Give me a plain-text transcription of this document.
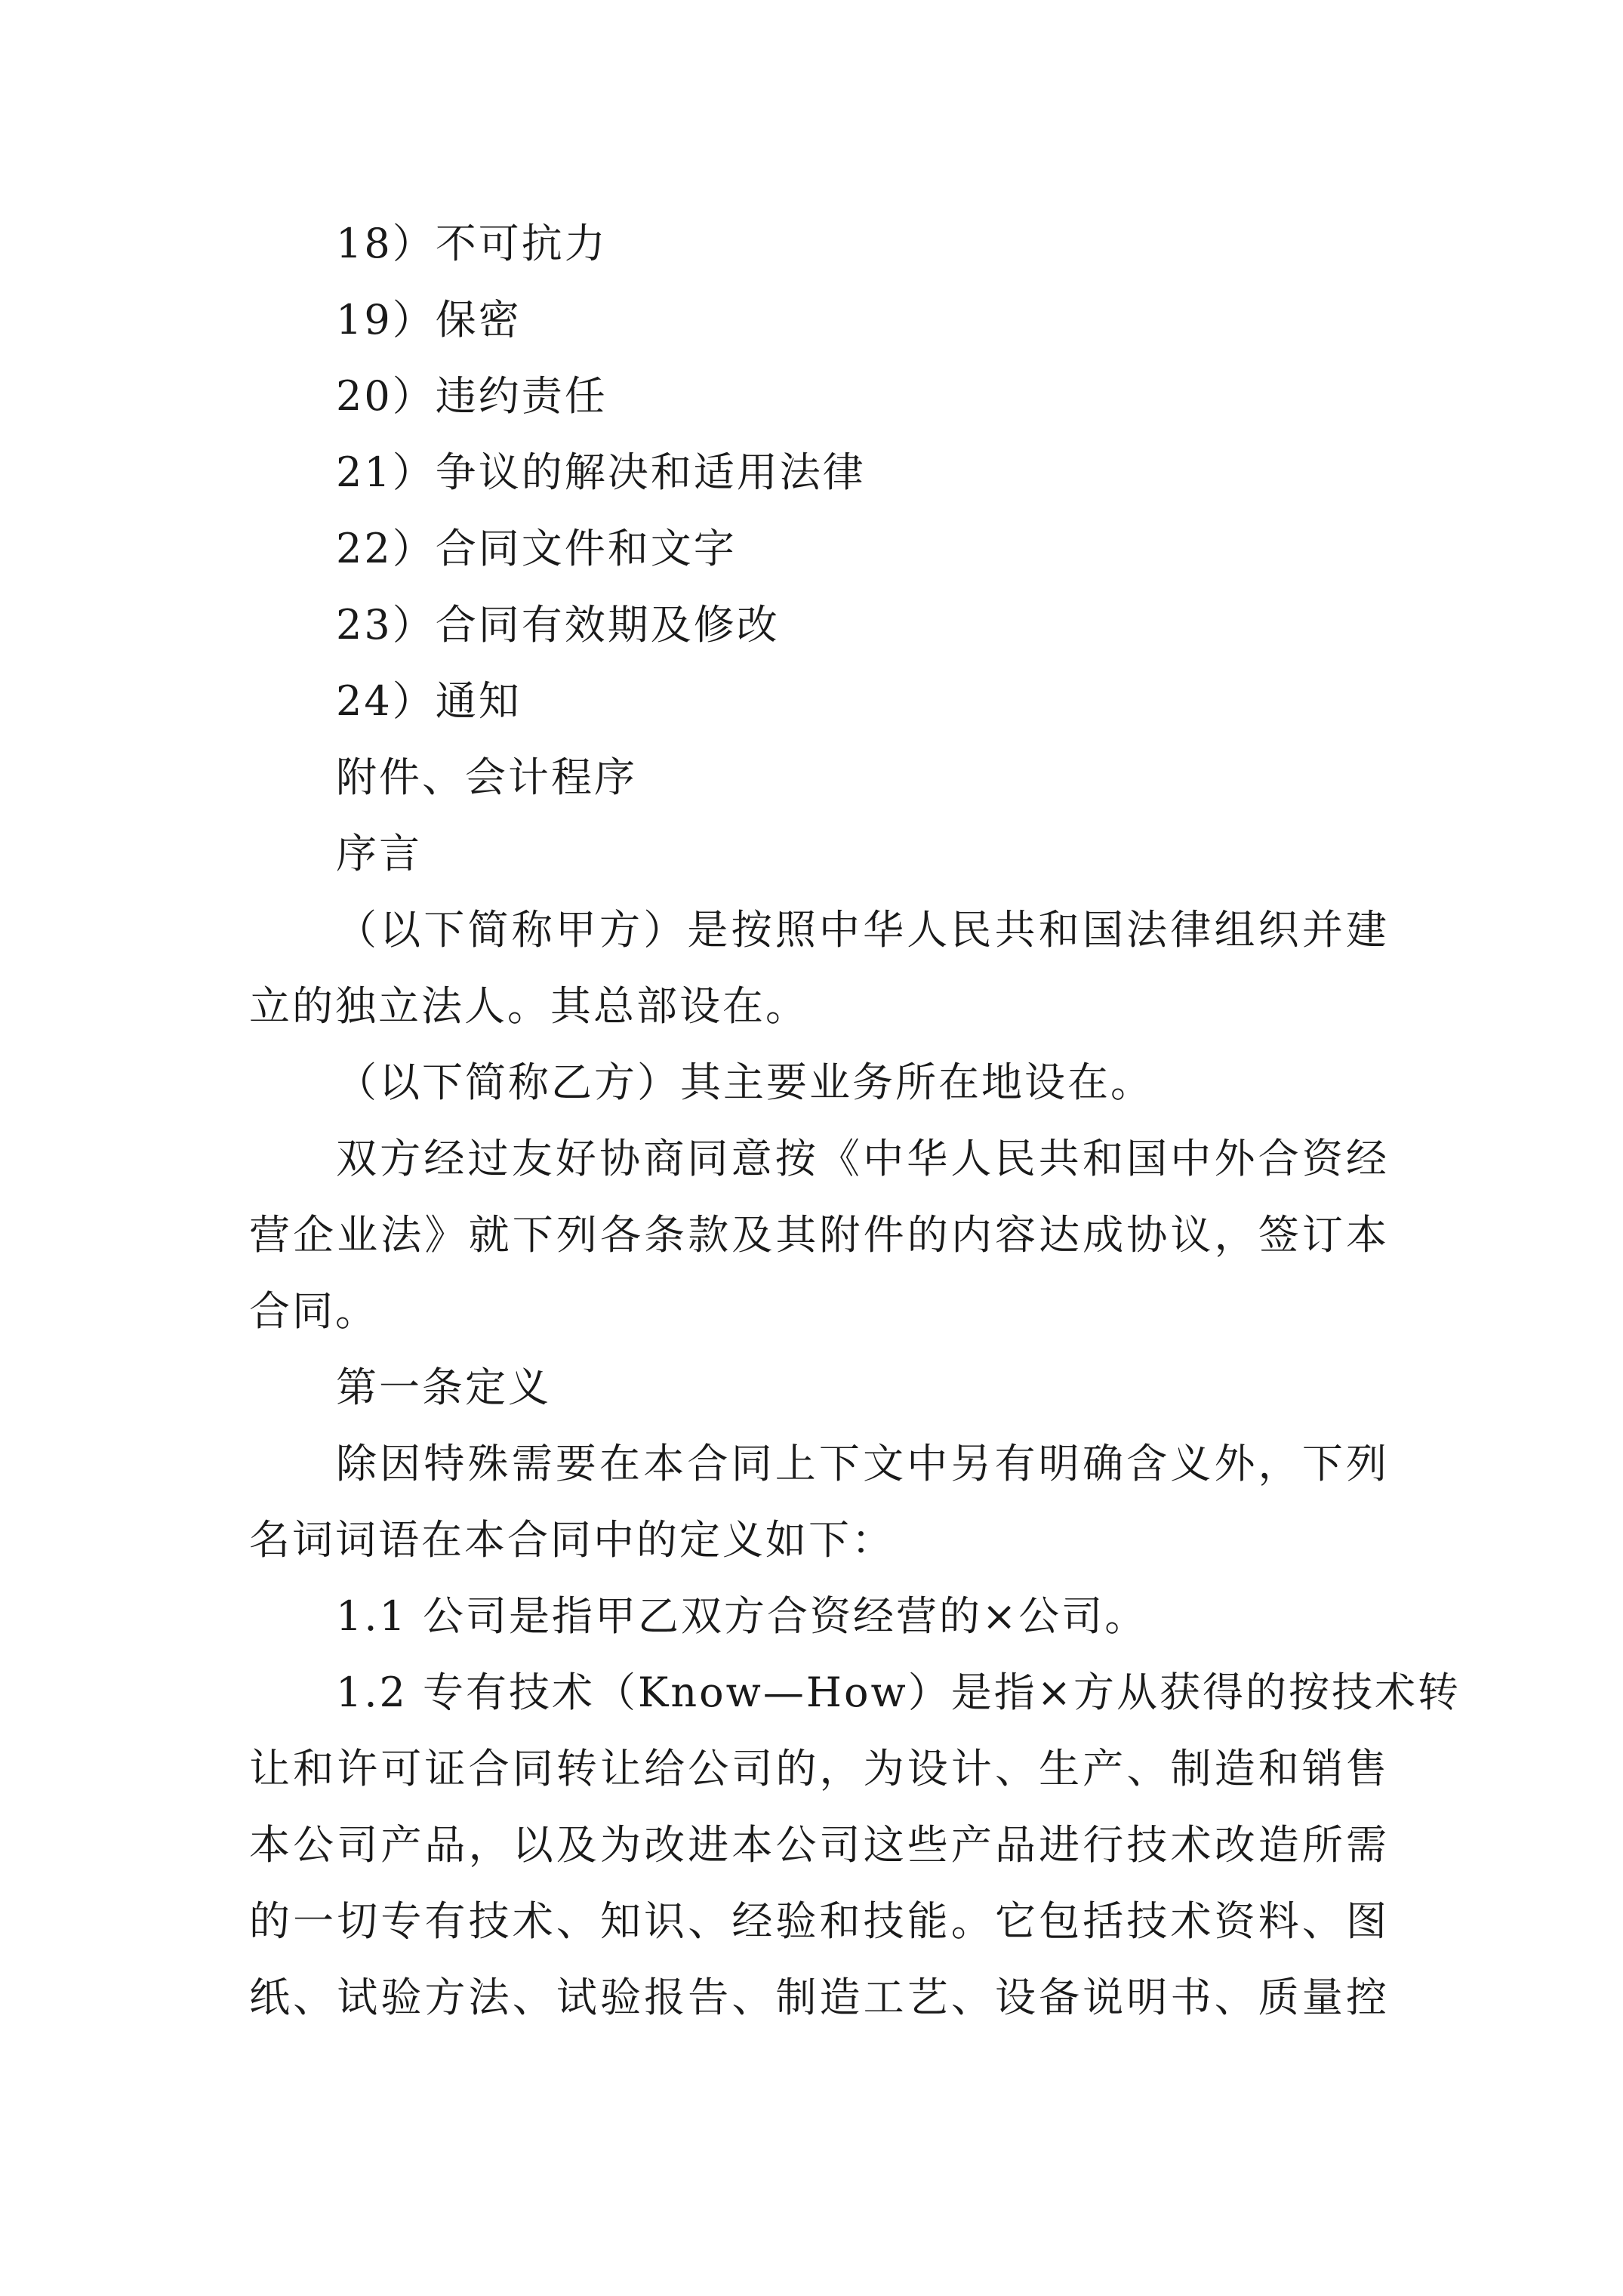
18）不可抗力
19）保密
20）违约责任
21）争议的解决和适用法律
22）合同文件和文字
23）合同有效期及修改
24）通知
附件、会计程序
序言
（以下简称甲方）是按照中华人民共和国法律组织并建
立的独立法人。其总部设在。
（以下简称乙方）其主要业务所在地设在。
双方经过友好协商同意按《中华人民共和国中外合资经
营企业法》就下列各条款及其附件的内容达成协议，签订本
合同。
第一条定义
除因特殊需要在本合同上下文中另有明确含义外，下列
名词词语在本合同中的定义如下：
1.1 公司是指甲乙双方合资经营的×公司。
1.2 专有技术（Know—How）是指×方从获得的按技术转
让和许可证合同转让给公司的，为设计、生产、制造和销售
本公司产品，以及为改进本公司这些产品进行技术改造所需
的一切专有技术、知识、经验和技能。它包括技术资料、图
纸、试验方法、试验报告、制造工艺、设备说明书、质量控
